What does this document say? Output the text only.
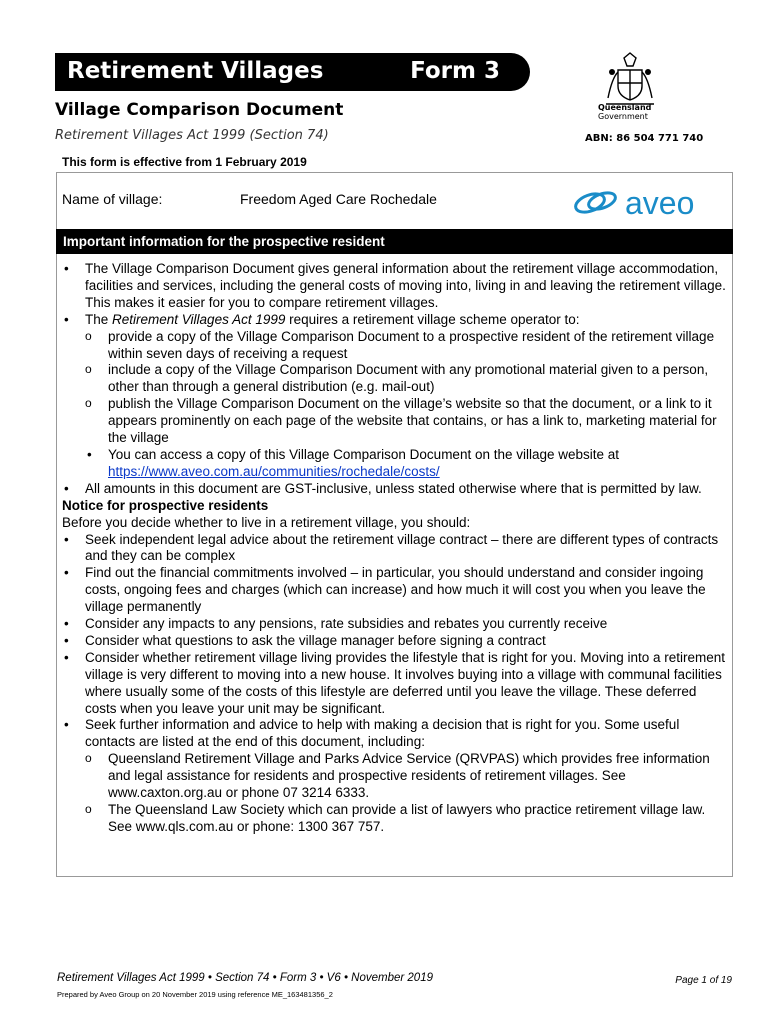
Retirement Villages	Form 3
Village Comparison Document
Retirement Villages Act 1999 (Section 74)
Queensland
Government
ABN: 86 504 771 740
This form is effective from 1 February 2019
Name of village:	Freedom Aged Care Rochedale	aveo
Important information for the prospective resident
• The Village Comparison Document gives general information about the retirement village accommodation, facilities and services, including the general costs of moving into, living in and leaving the retirement village. This makes it easier for you to compare retirement villages.
• The Retirement Villages Act 1999 requires a retirement village scheme operator to:
o provide a copy of the Village Comparison Document to a prospective resident of the retirement village within seven days of receiving a request
o include a copy of the Village Comparison Document with any promotional material given to a person, other than through a general distribution (e.g. mail-out)
o publish the Village Comparison Document on the village’s website so that the document, or a link to it appears prominently on each page of the website that contains, or has a link to, marketing material for the village
• You can access a copy of this Village Comparison Document on the village website at
https://www.aveo.com.au/communities/rochedale/costs/
• All amounts in this document are GST-inclusive, unless stated otherwise where that is permitted by law.
Notice for prospective residents
Before you decide whether to live in a retirement village, you should:
• Seek independent legal advice about the retirement village contract – there are different types of contracts and they can be complex
• Find out the financial commitments involved – in particular, you should understand and consider ingoing costs, ongoing fees and charges (which can increase) and how much it will cost you when you leave the village permanently
• Consider any impacts to any pensions, rate subsidies and rebates you currently receive
• Consider what questions to ask the village manager before signing a contract
• Consider whether retirement village living provides the lifestyle that is right for you. Moving into a retirement village is very different to moving into a new house. It involves buying into a village with communal facilities where usually some of the costs of this lifestyle are deferred until you leave the village. These deferred costs when you leave your unit may be significant.
• Seek further information and advice to help with making a decision that is right for you. Some useful contacts are listed at the end of this document, including:
o Queensland Retirement Village and Parks Advice Service (QRVPAS) which provides free information and legal assistance for residents and prospective residents of retirement villages. See www.caxton.org.au or phone 07 3214 6333.
o The Queensland Law Society which can provide a list of lawyers who practice retirement village law. See www.qls.com.au or phone: 1300 367 757.
Retirement Villages Act 1999 • Section 74 • Form 3 • V6 • November 2019	Page 1 of 19
Prepared by Aveo Group on 20 November 2019 using reference ME_163481356_2
